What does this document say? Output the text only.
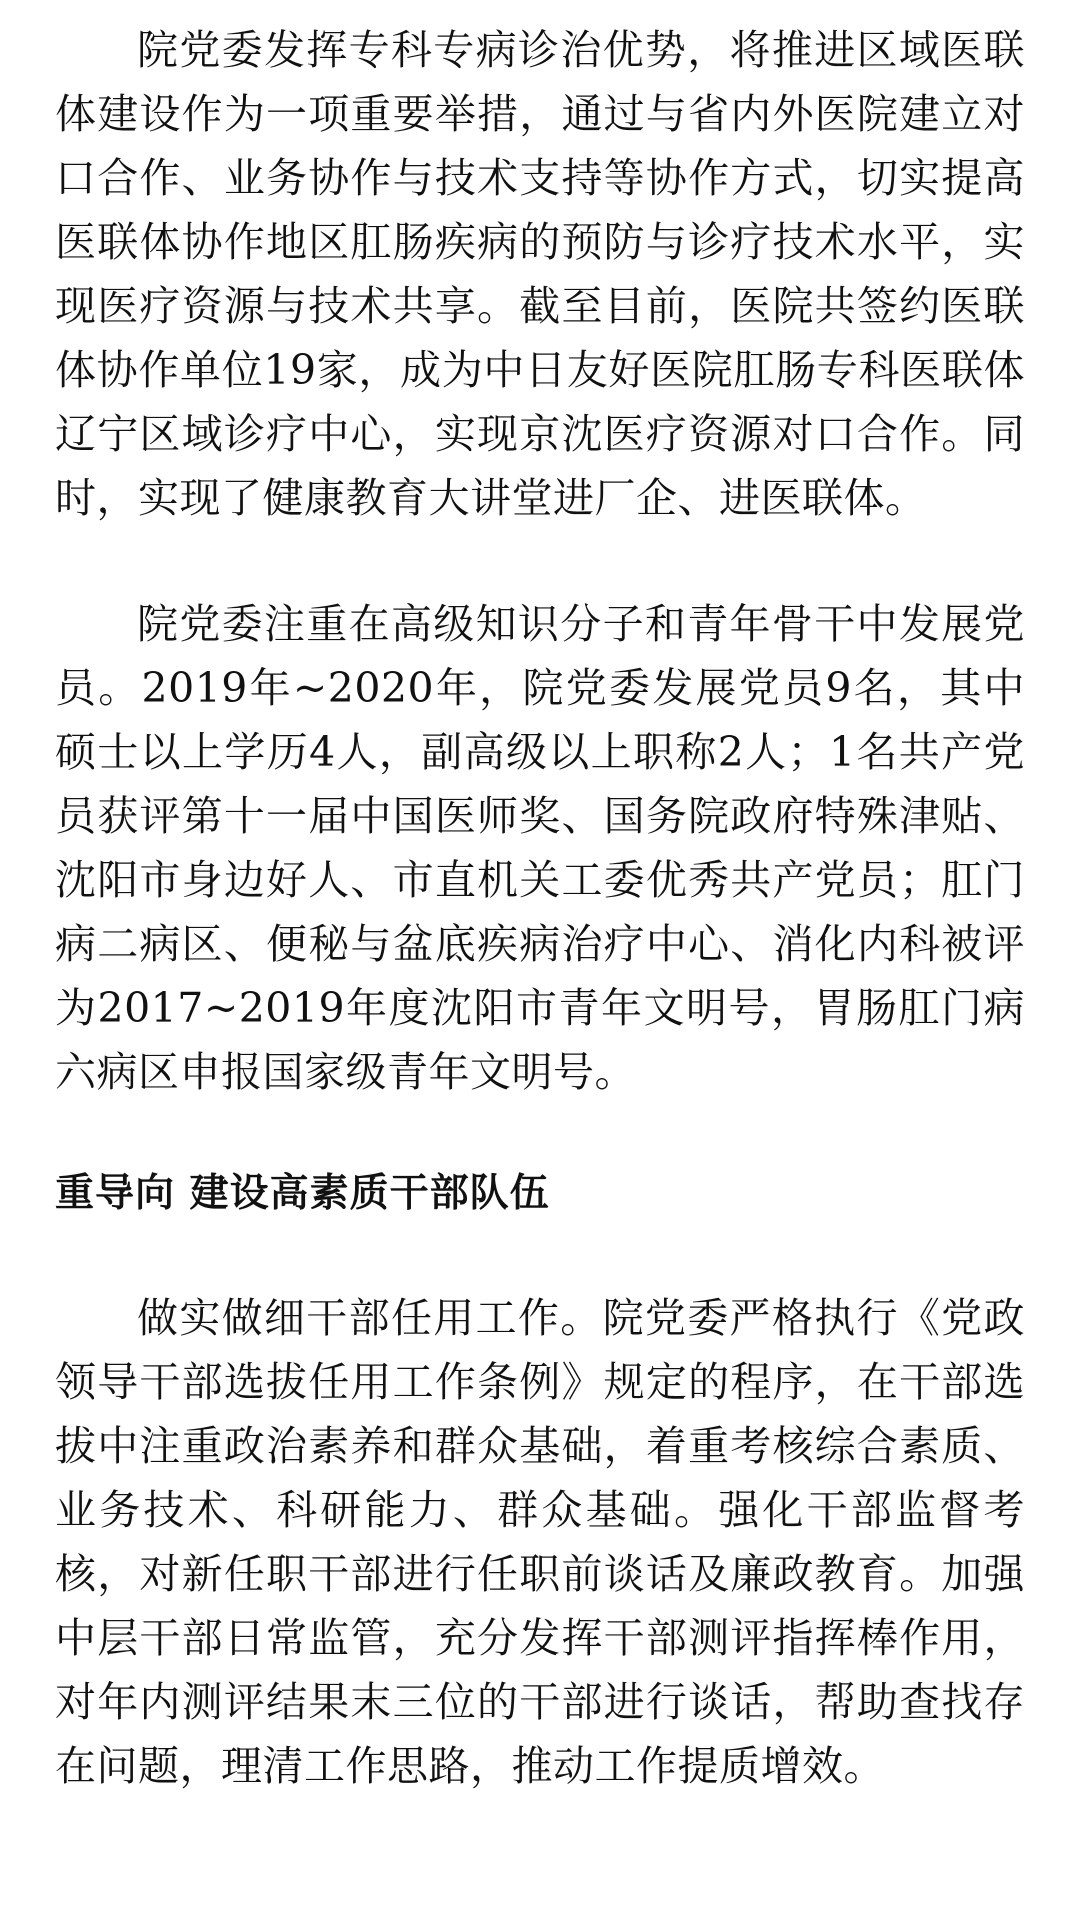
院党委发挥专科专病诊治优势，将推进区域医联体建设作为一项重要举措，通过与省内外医院建立对口合作、业务协作与技术支持等协作方式，切实提高医联体协作地区肛肠疾病的预防与诊疗技术水平，实现医疗资源与技术共享。截至目前，医院共签约医联体协作单位19家，成为中日友好医院肛肠专科医联体辽宁区域诊疗中心，实现京沈医疗资源对口合作。同时，实现了健康教育大讲堂进厂企、进医联体。

院党委注重在高级知识分子和青年骨干中发展党员。2019年~2020年，院党委发展党员9名，其中硕士以上学历4人，副高级以上职称2人；1名共产党员获评第十一届中国医师奖、国务院政府特殊津贴、沈阳市身边好人、市直机关工委优秀共产党员；肛门病二病区、便秘与盆底疾病治疗中心、消化内科被评为2017~2019年度沈阳市青年文明号，胃肠肛门病六病区申报国家级青年文明号。

重导向 建设高素质干部队伍

做实做细干部任用工作。院党委严格执行《党政领导干部选拔任用工作条例》规定的程序，在干部选拔中注重政治素养和群众基础，着重考核综合素质、业务技术、科研能力、群众基础。强化干部监督考核，对新任职干部进行任职前谈话及廉政教育。加强中层干部日常监管，充分发挥干部测评指挥棒作用，对年内测评结果末三位的干部进行谈话，帮助查找存在问题，理清工作思路，推动工作提质增效。
